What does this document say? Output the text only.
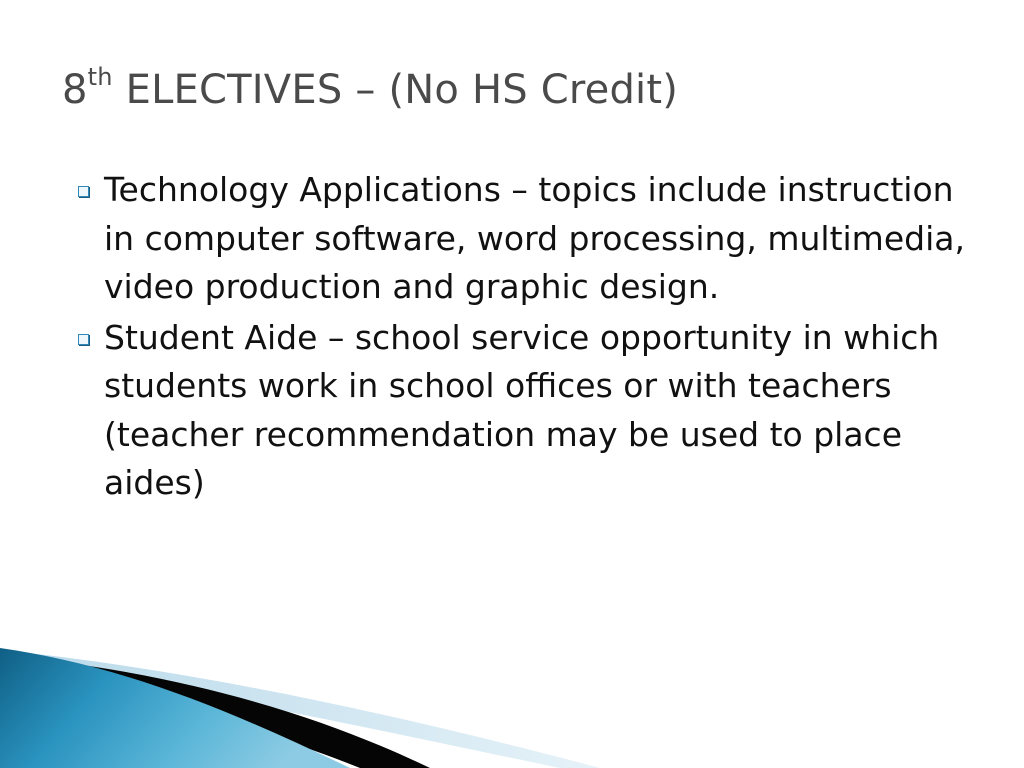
8th ELECTIVES – (No HS Credit)
Technology Applications – topics include instruction in computer software, word processing, multimedia, video production and graphic design.
Student Aide – school service opportunity in which students work in school offices or with teachers (teacher recommendation may be used to place aides)
